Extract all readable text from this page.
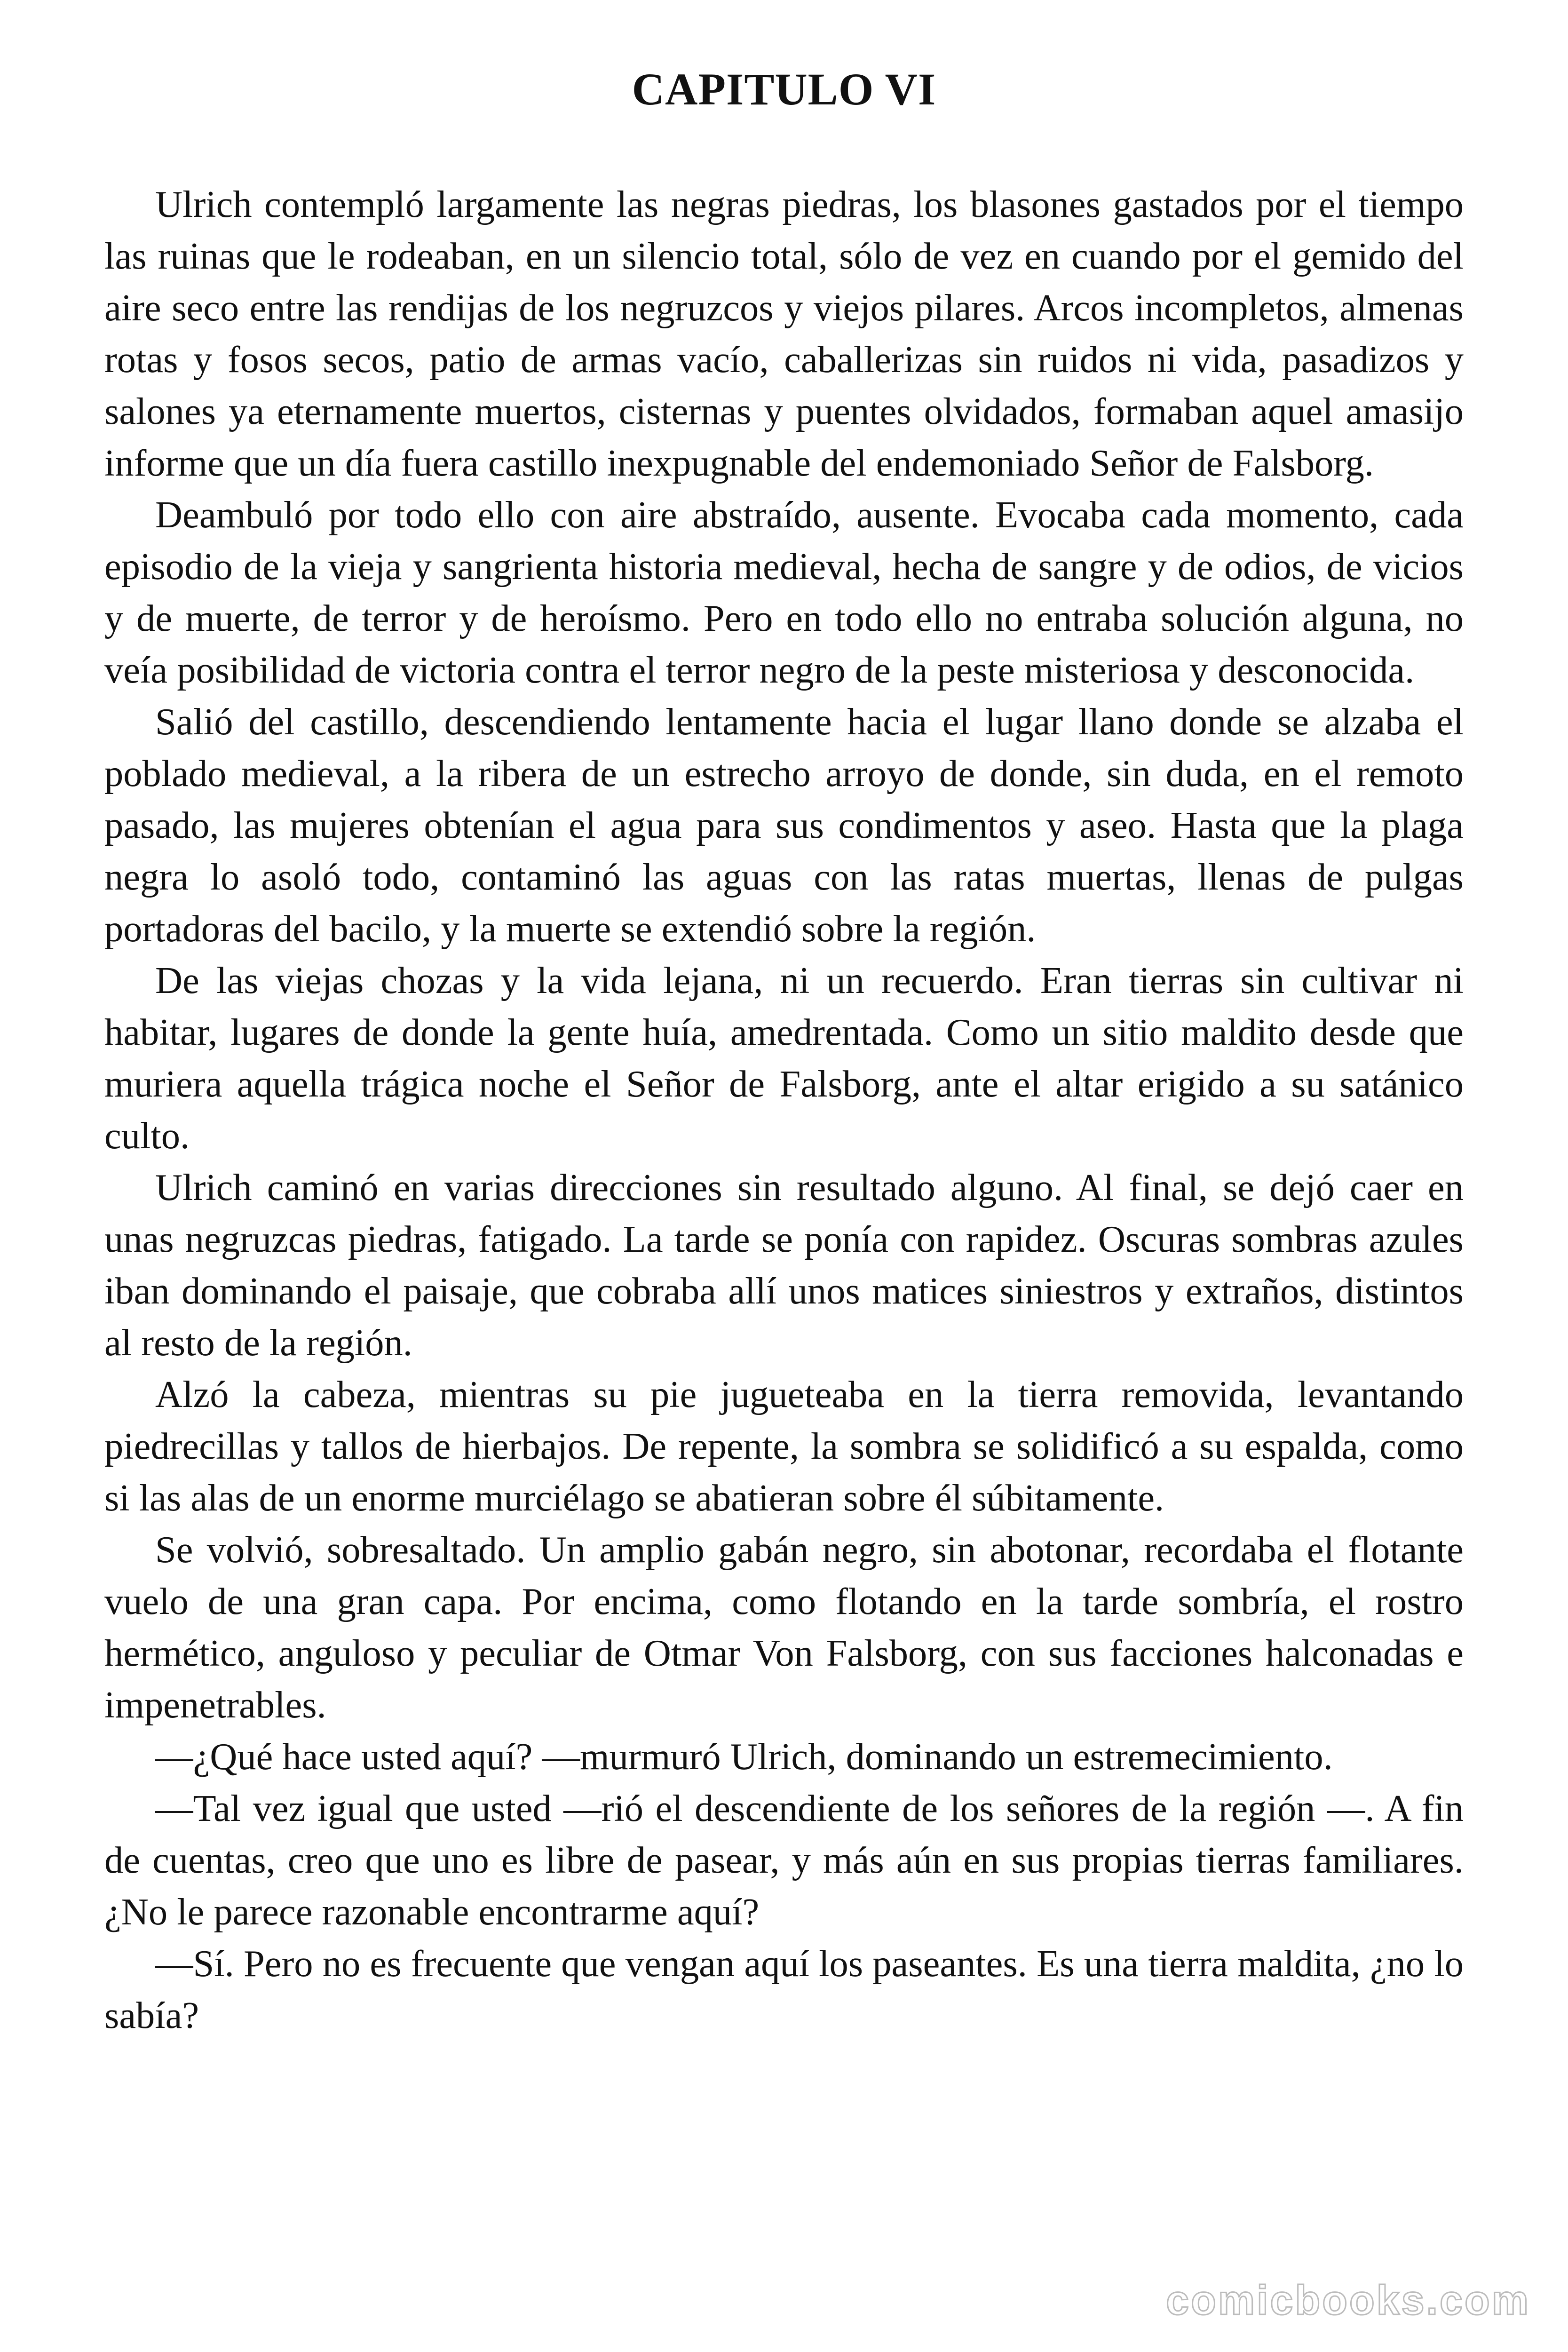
CAPITULO VI

Ulrich contempló largamente las negras piedras, los blasones gastados por el tiempo las ruinas que le rodeaban, en un silencio total, sólo de vez en cuando por el gemido del aire seco entre las rendijas de los negruzcos y viejos pilares. Arcos incompletos, almenas rotas y fosos secos, patio de armas vacío, caballerizas sin ruidos ni vida, pasadizos y salones ya eternamente muertos, cisternas y puentes olvidados, formaban aquel amasijo informe que un día fuera castillo inexpugnable del endemoniado Señor de Falsborg.

Deambuló por todo ello con aire abstraído, ausente. Evocaba cada momento, cada episodio de la vieja y sangrienta historia medieval, hecha de sangre y de odios, de vicios y de muerte, de terror y de heroísmo. Pero en todo ello no entraba solución alguna, no veía posibilidad de victoria contra el terror negro de la peste misteriosa y desconocida.

Salió del castillo, descendiendo lentamente hacia el lugar llano donde se alzaba el poblado medieval, a la ribera de un estrecho arroyo de donde, sin duda, en el remoto pasado, las mujeres obtenían el agua para sus condimentos y aseo. Hasta que la plaga negra lo asoló todo, contaminó las aguas con las ratas muertas, llenas de pulgas portadoras del bacilo, y la muerte se extendió sobre la región.

De las viejas chozas y la vida lejana, ni un recuerdo. Eran tierras sin cultivar ni habitar, lugares de donde la gente huía, amedrentada. Como un sitio maldito desde que muriera aquella trágica noche el Señor de Falsborg, ante el altar erigido a su satánico culto.

Ulrich caminó en varias direcciones sin resultado alguno. Al final, se dejó caer en unas negruzcas piedras, fatigado. La tarde se ponía con rapidez. Oscuras sombras azules iban dominando el paisaje, que cobraba allí unos matices siniestros y extraños, distintos al resto de la región.

Alzó la cabeza, mientras su pie jugueteaba en la tierra removida, levantando piedrecillas y tallos de hierbajos. De repente, la sombra se solidificó a su espalda, como si las alas de un enorme murciélago se abatieran sobre él súbitamente.

Se volvió, sobresaltado. Un amplio gabán negro, sin abotonar, recordaba el flotante vuelo de una gran capa. Por encima, como flotando en la tarde sombría, el rostro hermético, anguloso y peculiar de Otmar Von Falsborg, con sus facciones halconadas e impenetrables.

—¿Qué hace usted aquí? —murmuró Ulrich, dominando un estremecimiento.

—Tal vez igual que usted —rió el descendiente de los señores de la región —. A fin de cuentas, creo que uno es libre de pasear, y más aún en sus propias tierras familiares. ¿No le parece razonable encontrarme aquí?

—Sí. Pero no es frecuente que vengan aquí los paseantes. Es una tierra maldita, ¿no lo sabía?

comicbooks.com
